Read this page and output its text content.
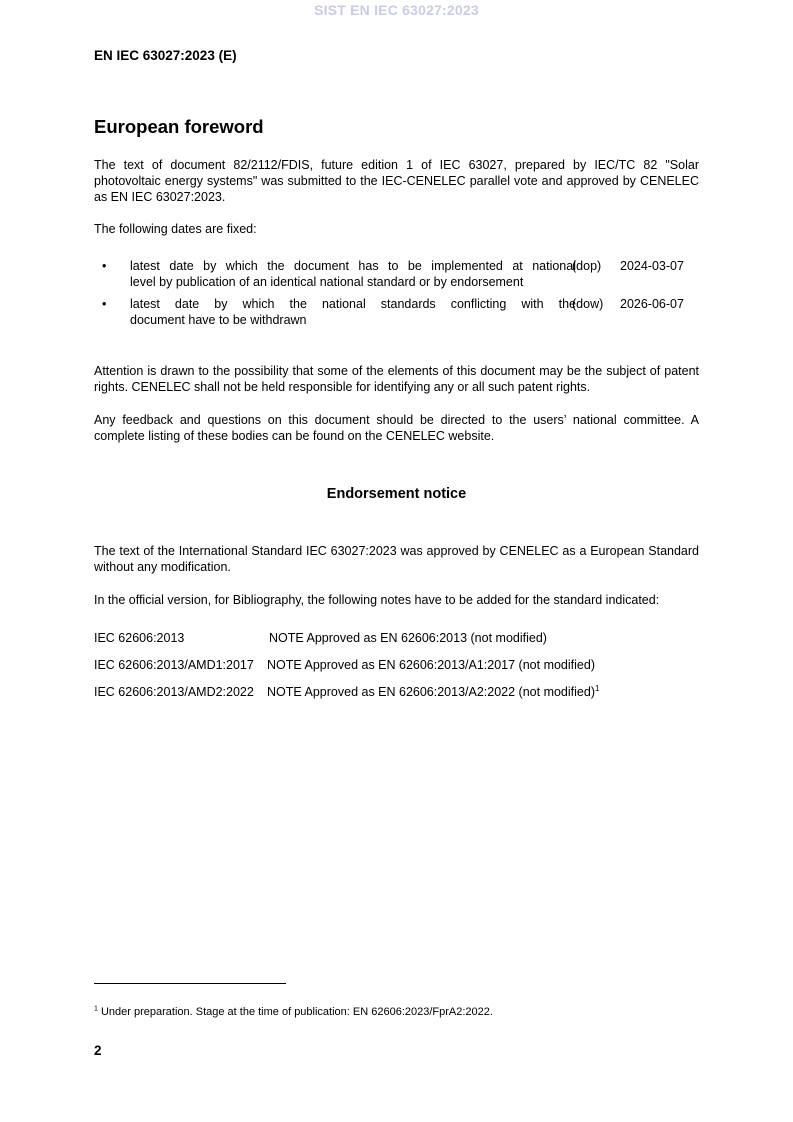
SIST EN IEC 63027:2023
EN IEC 63027:2023 (E)
European foreword
The text of document 82/2112/FDIS, future edition 1 of IEC 63027, prepared by IEC/TC 82 "Solar photovoltaic energy systems" was submitted to the IEC-CENELEC parallel vote and approved by CENELEC as EN IEC 63027:2023.
The following dates are fixed:
• latest date by which the document has to be implemented at national
level by publication of an identical national standard or by endorsement
(dop) 2024-03-07
• latest date by which the national standards conflicting with the
document have to be withdrawn
(dow) 2026-06-07
Attention is drawn to the possibility that some of the elements of this document may be the subject of patent rights. CENELEC shall not be held responsible for identifying any or all such patent rights.
Any feedback and questions on this document should be directed to the users’ national committee. A complete listing of these bodies can be found on the CENELEC website.
Endorsement notice
The text of the International Standard IEC 63027:2023 was approved by CENELEC as a European Standard without any modification.
In the official version, for Bibliography, the following notes have to be added for the standard indicated:
IEC 62606:2013	NOTE Approved as EN 62606:2013 (not modified)
IEC 62606:2013/AMD1:2017 NOTE Approved as EN 62606:2013/A1:2017 (not modified)
IEC 62606:2013/AMD2:2022 NOTE Approved as EN 62606:2013/A2:2022 (not modified)$^1$
$^1$ Under preparation. Stage at the time of publication: EN 62606:2023/FprA2:2022.
2
